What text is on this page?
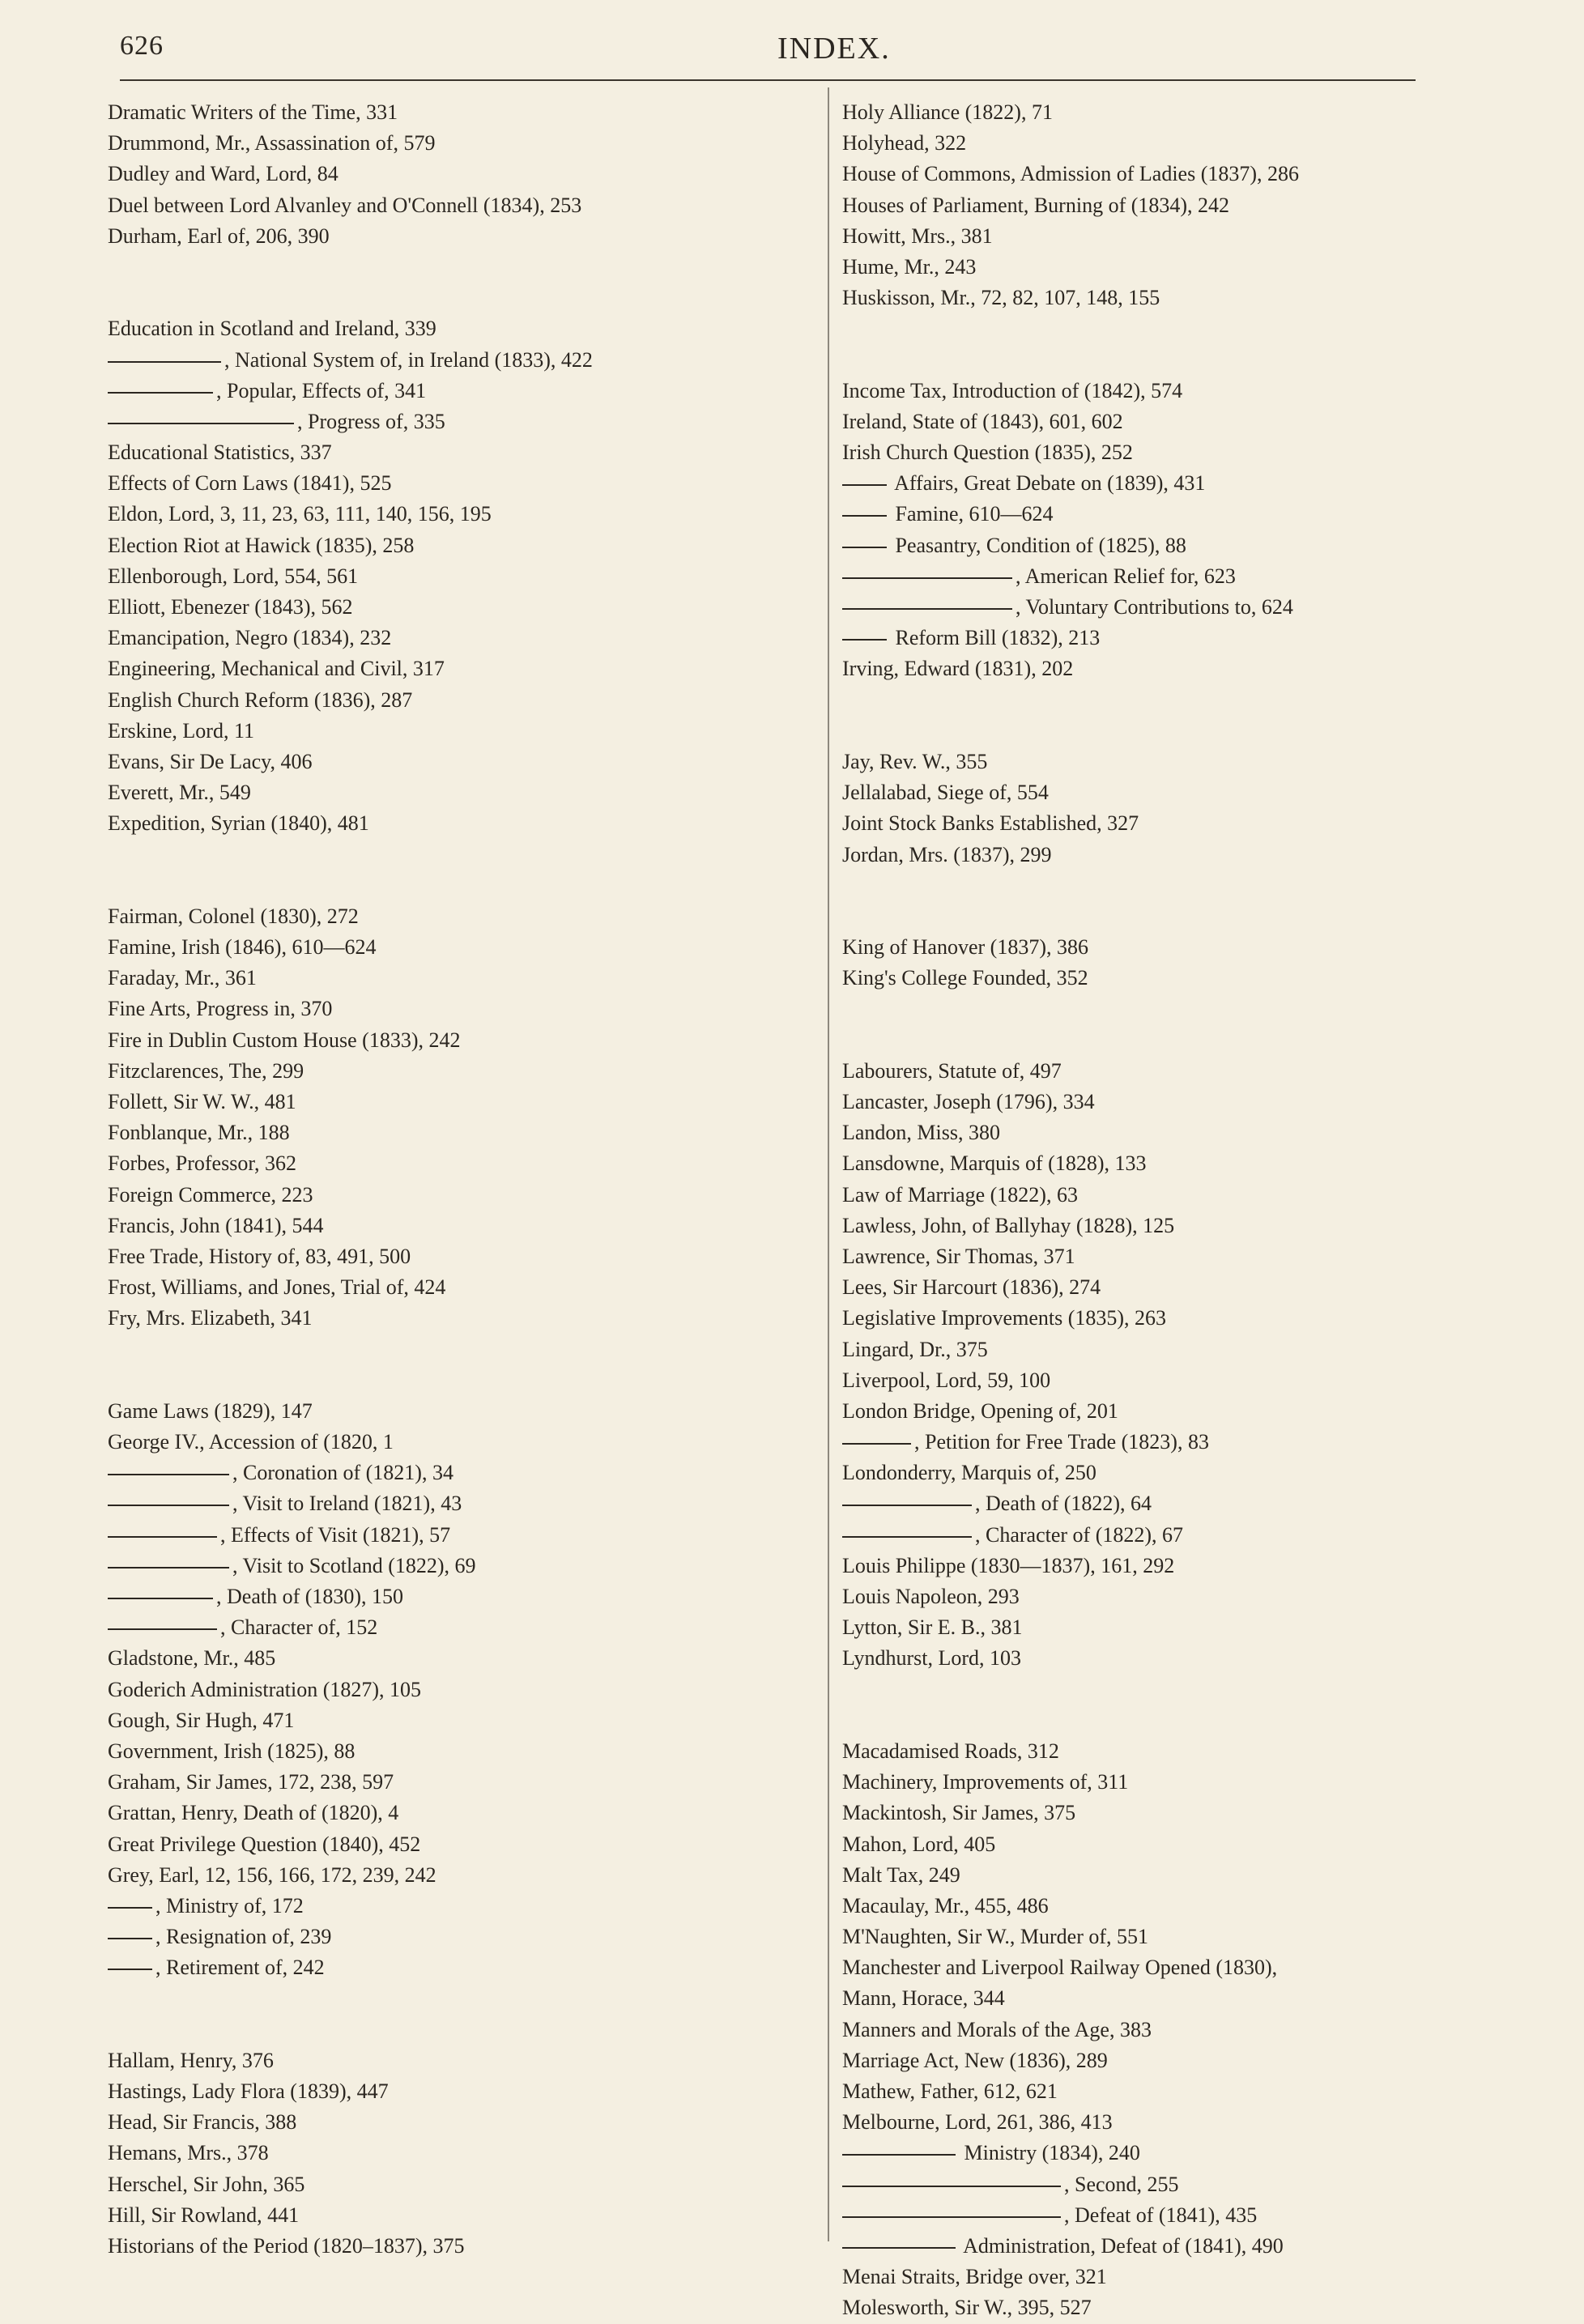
626	INDEX.
Dramatic Writers of the Time, 331
Drummond, Mr., Assassination of, 579
Dudley and Ward, Lord, 84
Duel between Lord Alvanley and O'Connell (1834), 253
Durham, Earl of, 206, 390
Education in Scotland and Ireland, 339
, National System of, in Ireland (1833), 422
, Popular, Effects of, 341
, Progress of, 335
Educational Statistics, 337
Effects of Corn Laws (1841), 525
Eldon, Lord, 3, 11, 23, 63, 111, 140, 156, 195
Election Riot at Hawick (1835), 258
Ellenborough, Lord, 554, 561
Elliott, Ebenezer (1843), 562
Emancipation, Negro (1834), 232
Engineering, Mechanical and Civil, 317
English Church Reform (1836), 287
Erskine, Lord, 11
Evans, Sir De Lacy, 406
Everett, Mr., 549
Expedition, Syrian (1840), 481
Fairman, Colonel (1830), 272
Famine, Irish (1846), 610—624
Faraday, Mr., 361
Fine Arts, Progress in, 370
Fire in Dublin Custom House (1833), 242
Fitzclarences, The, 299
Follett, Sir W. W., 481
Fonblanque, Mr., 188
Forbes, Professor, 362
Foreign Commerce, 223
Francis, John (1841), 544
Free Trade, History of, 83, 491, 500
Frost, Williams, and Jones, Trial of, 424
Fry, Mrs. Elizabeth, 341
Game Laws (1829), 147
George IV., Accession of (1820, 1
, Coronation of (1821), 34
, Visit to Ireland (1821), 43
, Effects of Visit (1821), 57
, Visit to Scotland (1822), 69
, Death of (1830), 150
, Character of, 152
Gladstone, Mr., 485
Goderich Administration (1827), 105
Gough, Sir Hugh, 471
Government, Irish (1825), 88
Graham, Sir James, 172, 238, 597
Grattan, Henry, Death of (1820), 4
Great Privilege Question (1840), 452
Grey, Earl, 12, 156, 166, 172, 239, 242
, Ministry of, 172
, Resignation of, 239
, Retirement of, 242
Hallam, Henry, 376
Hastings, Lady Flora (1839), 447
Head, Sir Francis, 388
Hemans, Mrs., 378
Herschel, Sir John, 365
Hill, Sir Rowland, 441
Historians of the Period (1820–1837), 375
Holy Alliance (1822), 71
Holyhead, 322
House of Commons, Admission of Ladies (1837), 286
Houses of Parliament, Burning of (1834), 242
Howitt, Mrs., 381
Hume, Mr., 243
Huskisson, Mr., 72, 82, 107, 148, 155
Income Tax, Introduction of (1842), 574
Ireland, State of (1843), 601, 602
Irish Church Question (1835), 252
Affairs, Great Debate on (1839), 431
Famine, 610—624
Peasantry, Condition of (1825), 88
, American Relief for, 623
, Voluntary Contributions to, 624
Reform Bill (1832), 213
Irving, Edward (1831), 202
Jay, Rev. W., 355
Jellalabad, Siege of, 554
Joint Stock Banks Established, 327
Jordan, Mrs. (1837), 299
King of Hanover (1837), 386
King's College Founded, 352
Labourers, Statute of, 497
Lancaster, Joseph (1796), 334
Landon, Miss, 380
Lansdowne, Marquis of (1828), 133
Law of Marriage (1822), 63
Lawless, John, of Ballyhay (1828), 125
Lawrence, Sir Thomas, 371
Lees, Sir Harcourt (1836), 274
Legislative Improvements (1835), 263
Lingard, Dr., 375
Liverpool, Lord, 59, 100
London Bridge, Opening of, 201
, Petition for Free Trade (1823), 83
Londonderry, Marquis of, 250
, Death of (1822), 64
, Character of (1822), 67
Louis Philippe (1830—1837), 161, 292
Louis Napoleon, 293
Lytton, Sir E. B., 381
Lyndhurst, Lord, 103
Macadamised Roads, 312
Machinery, Improvements of, 311
Mackintosh, Sir James, 375
Mahon, Lord, 405
Malt Tax, 249
Macaulay, Mr., 455, 486
M'Naughten, Sir W., Murder of, 551
Manchester and Liverpool Railway Opened (1830),
Mann, Horace, 344
Manners and Morals of the Age, 383
Marriage Act, New (1836), 289
Mathew, Father, 612, 621
Melbourne, Lord, 261, 386, 413
Ministry (1834), 240
, Second, 255
, Defeat of (1841), 435
Administration, Defeat of (1841), 490
Menai Straits, Bridge over, 321
Molesworth, Sir W., 395, 527
